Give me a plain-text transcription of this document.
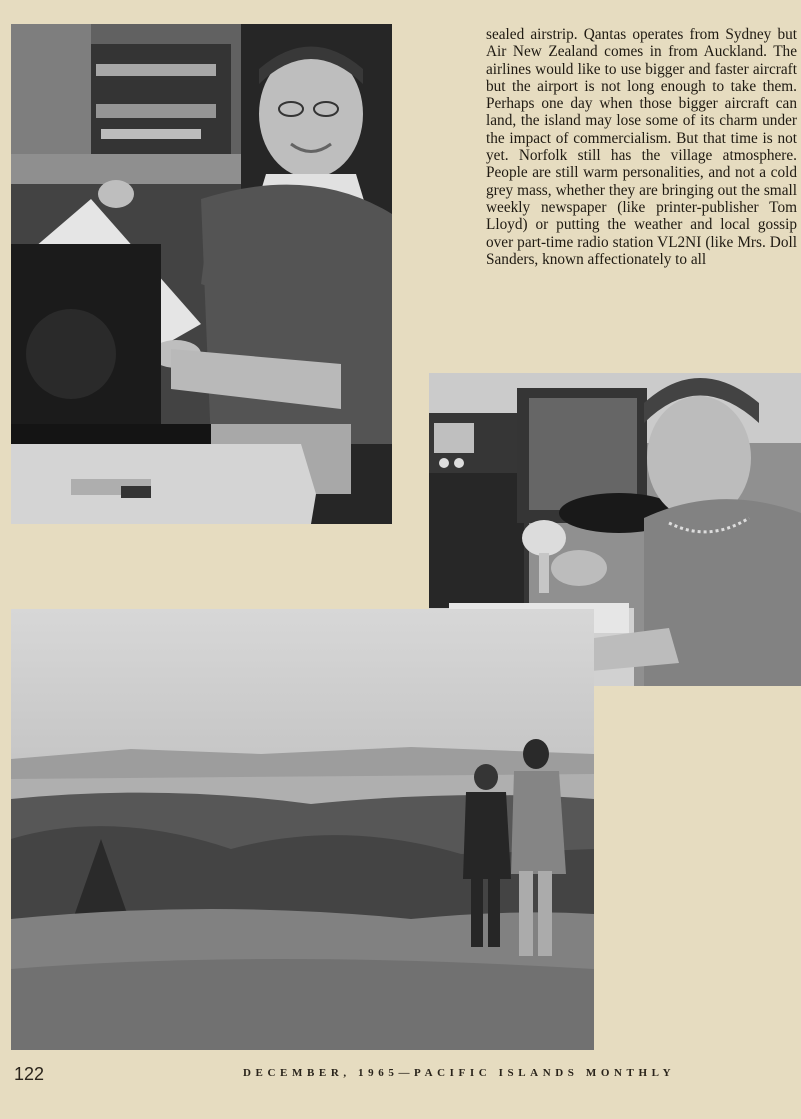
sealed airstrip. Qantas operates from Sydney but Air New Zealand comes in from Auckland. The airlines would like to use bigger and faster aircraft but the airport is not long enough to take them. Perhaps one day when those bigger aircraft can land, the island may lose some of its charm under the impact of commercialism. But that time is not yet. Norfolk still has the village atmosphere. People are still warm personalities, and not a cold grey mass, whether they are bringing out the small weekly newspaper (like printer-publisher Tom Lloyd) or putting the weather and local gossip over part-time radio station VL2NI (like Mrs. Doll Sanders, known affectionately to all

122	DECEMBER, 1965—PACIFIC ISLANDS MONTHLY
